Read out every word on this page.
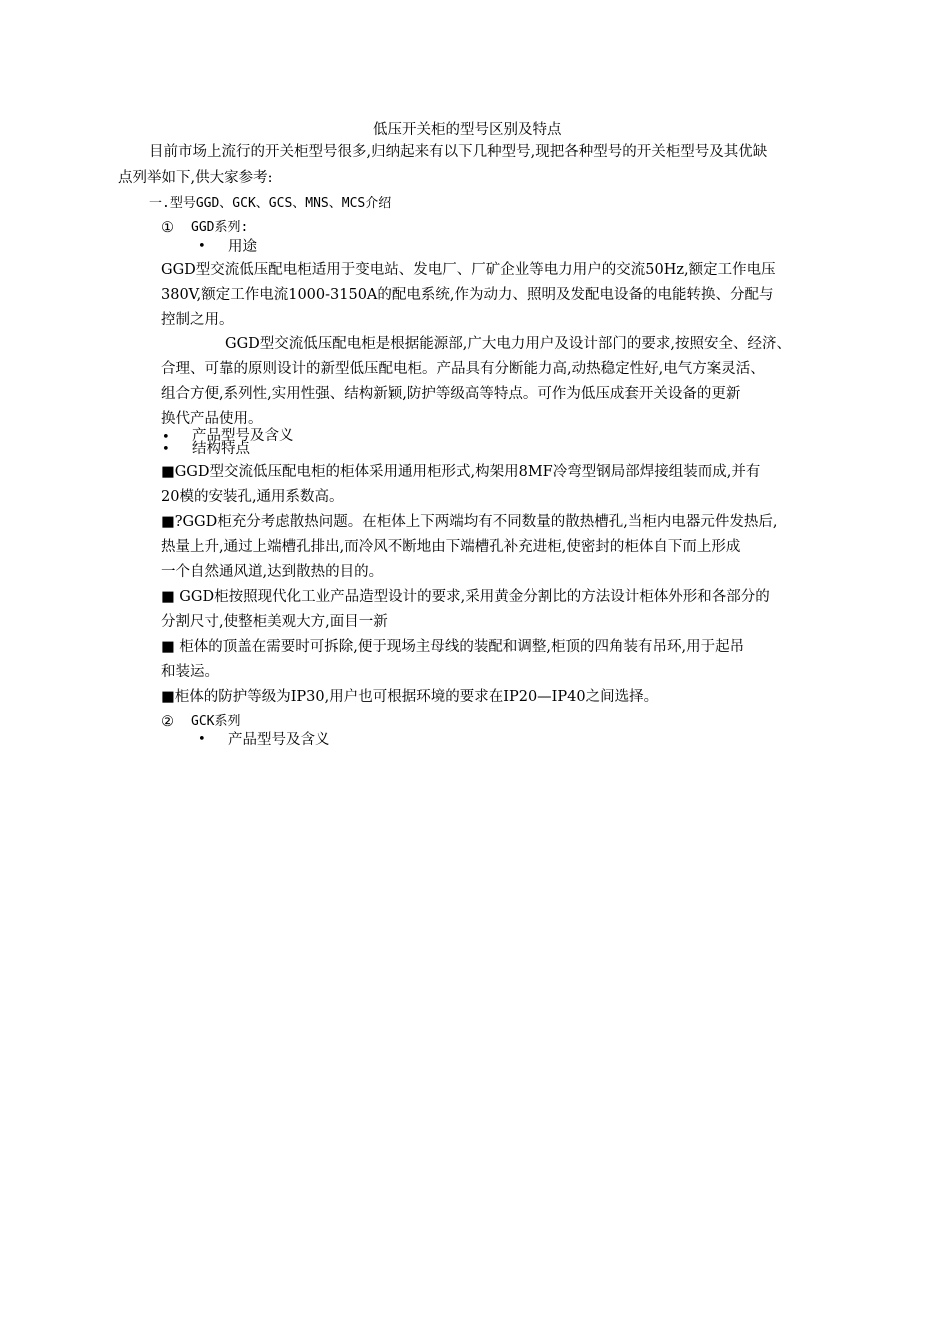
低压开关柜的型号区别及特点
目前市场上流行的开关柜型号很多,归纳起来有以下几种型号,现把各种型号的开关柜型号及其优缺
点列举如下,供大家参考:
一.型号GGD、GCK、GCS、MNS、MCS介绍
① GGD系列:
• 用途
GGD型交流低压配电柜适用于变电站、发电厂、厂矿企业等电力用户的交流50Hz,额定工作电压
380V,额定工作电流1000-3150A的配电系统,作为动力、照明及发配电设备的电能转换、分配与
控制之用。
GGD型交流低压配电柜是根据能源部,广大电力用户及设计部门的要求,按照安全、经济、
合理、可靠的原则设计的新型低压配电柜。产品具有分断能力高,动热稳定性好,电气方案灵活、
组合方便,系列性,实用性强、结构新颖,防护等级高等特点。可作为低压成套开关设备的更新
换代产品使用。
• 产品型号及含义
• 结构特点
■GGD型交流低压配电柜的柜体采用通用柜形式,构架用8MF冷弯型钢局部焊接组装而成,并有
20模的安装孔,通用系数高。
■?GGD柜充分考虑散热问题。在柜体上下两端均有不同数量的散热槽孔,当柜内电器元件发热后,
热量上升,通过上端槽孔排出,而冷风不断地由下端槽孔补充进柜,使密封的柜体自下而上形成
一个自然通风道,达到散热的目的。
■ GGD柜按照现代化工业产品造型设计的要求,采用黄金分割比的方法设计柜体外形和各部分的
分割尺寸,使整柜美观大方,面目一新
■ 柜体的顶盖在需要时可拆除,便于现场主母线的装配和调整,柜顶的四角装有吊环,用于起吊
和装运。
■柜体的防护等级为IP30,用户也可根据环境的要求在IP20—IP40之间选择。
② GCK系列
• 产品型号及含义
